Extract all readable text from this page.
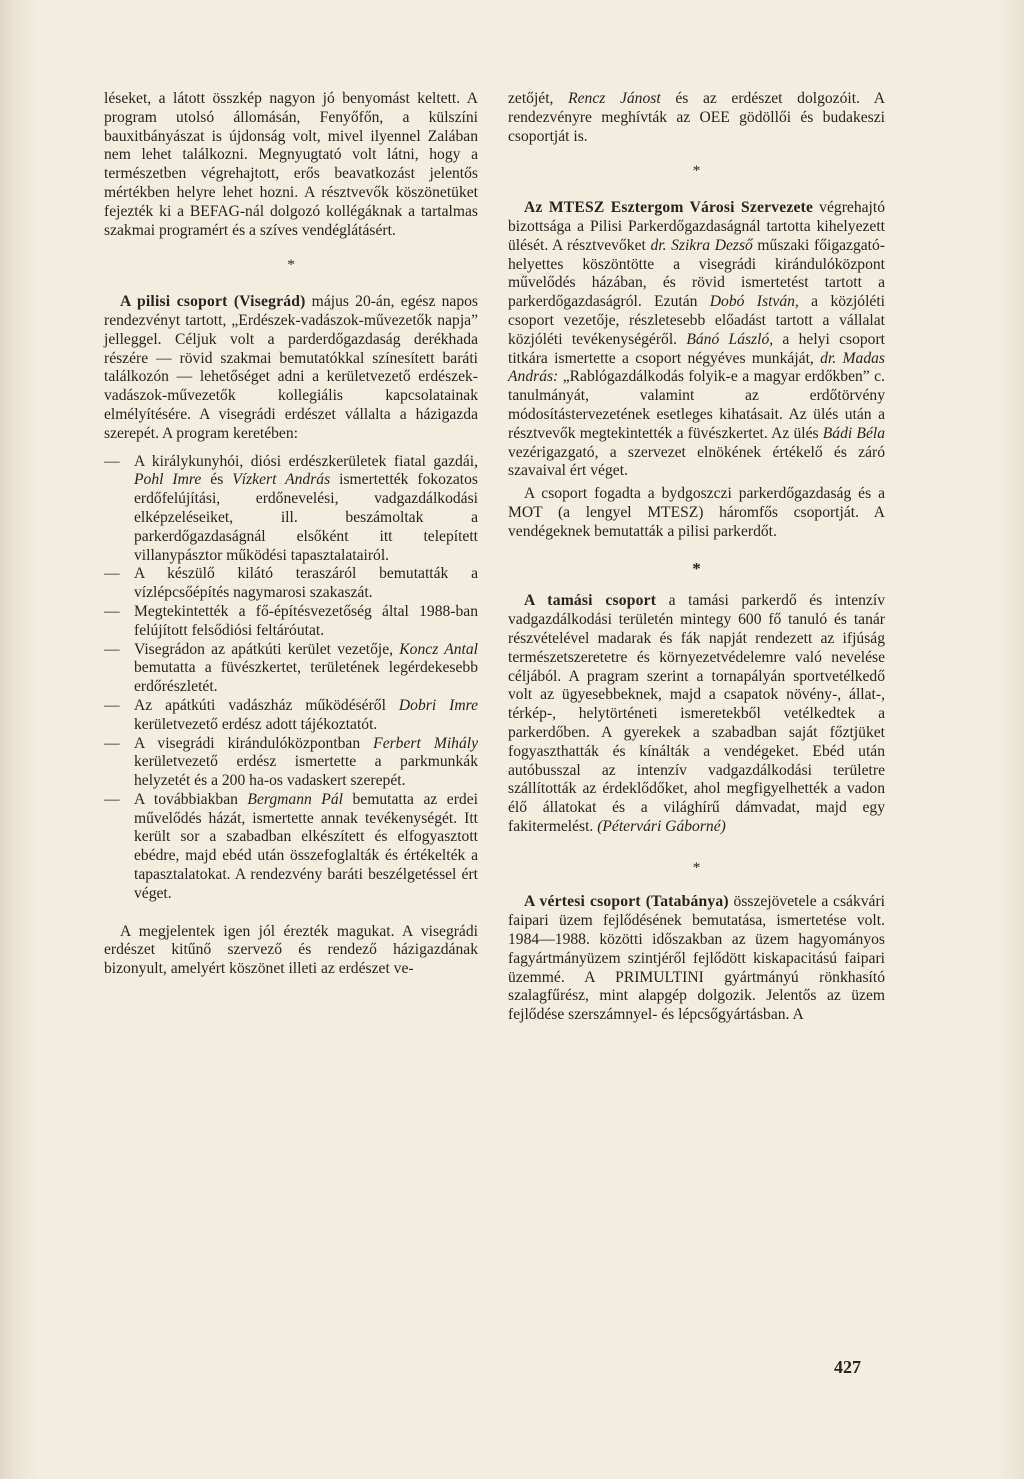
léseket, a látott összkép nagyon jó benyomást keltett. A program utolsó állomásán, Fenyőfőn, a külszíni bauxitbányászat is újdonság volt, mivel ilyennel Zalában nem lehet találkozni. Megnyugtató volt látni, hogy a természetben végrehajtott, erős beavatkozást jelentős mértékben helyre lehet hozni. A résztvevők köszönetüket fejezték ki a BEFAG-nál dolgozó kollégáknak a tartalmas szakmai programért és a szíves vendéglátásért.

*

A pilisi csoport (Visegrád) május 20-án, egész napos rendezvényt tartott, „Erdészek-vadászok-művezetők napja” jelleggel. Céljuk volt a parderdőgazdaság derékhada részére — rövid szakmai bemutatókkal színesített baráti találkozón — lehetőséget adni a kerületvezető erdészek-vadászok-művezetők kollegiális kapcsolatainak elmélyítésére. A visegrádi erdészet vállalta a házigazda szerepét. A program keretében:

— A királykunyhói, diósi erdészkerületek fiatal gazdái, Pohl Imre és Vízkert András ismertették fokozatos erdőfelújítási, erdőnevelési, vadgazdálkodási elképzeléseiket, ill. beszámoltak a parkerdőgazdaságnál elsőként itt telepített villanypásztor működési tapasztalatairól.
— A készülő kilátó teraszáról bemutatták a vízlépcsőépítés nagymarosi szakaszát.
— Megtekintették a fő-építésvezetőség által 1988-ban felújított felsődiósi feltáróutat.
— Visegrádon az apátkúti kerület vezetője, Koncz Antal bemutatta a füvészkertet, területének legérdekesebb erdőrészletét.
— Az apátkúti vadászház működéséről Dobri Imre kerületvezető erdész adott tájékoztatót.
— A visegrádi kirándulóközpontban Ferbert Mihály kerületvezető erdész ismertette a parkmunkák helyzetét és a 200 ha-os vadaskert szerepét.
— A továbbiakban Bergmann Pál bemutatta az erdei művelődés házát, ismertette annak tevékenységét. Itt került sor a szabadban elkészített és elfogyasztott ebédre, majd ebéd után összefoglalták és értékelték a tapasztalatokat. A rendezvény baráti beszélgetéssel ért véget.

A megjelentek igen jól érezték magukat. A visegrádi erdészet kitűnő szervező és rendező házigazdának bizonyult, amelyért köszönet illeti az erdészet ve-

zetőjét, Rencz Jánost és az erdészet dolgozóit. A rendezvényre meghívták az OEE gödöllői és budakeszi csoportját is.

*

Az MTESZ Esztergom Városi Szervezete végrehajtó bizottsága a Pilisi Parkerdőgazdaságnál tartotta kihelyezett ülését. A résztvevőket dr. Szikra Dezső műszaki főigazgató-helyettes köszöntötte a visegrádi kirándulóközpont művelődés házában, és rövid ismertetést tartott a parkerdőgazdaságról. Ezután Dobó István, a közjóléti csoport vezetője, részletesebb előadást tartott a vállalat közjóléti tevékenységéről. Bánó László, a helyi csoport titkára ismertette a csoport négyéves munkáját, dr. Madas András: „Rablógazdálkodás folyik-e a magyar erdőkben” c. tanulmányát, valamint az erdőtörvény módosítástervezetének esetleges kihatásait. Az ülés után a résztvevők megtekintették a füvészkertet. Az ülés Bádi Béla vezérigazgató, a szervezet elnökének értékelő és záró szavaival ért véget.

A csoport fogadta a bydgoszczi parkerdőgazdaság és a MOT (a lengyel MTESZ) háromfős csoportját. A vendégeknek bemutatták a pilisi parkerdőt.

*

A tamási csoport a tamási parkerdő és intenzív vadgazdálkodási területén mintegy 600 fő tanuló és tanár részvételével madarak és fák napját rendezett az ifjúság természetszeretetre és környezetvédelemre való nevelése céljából. A pragram szerint a tornapályán sportvetélkedő volt az ügyesebbeknek, majd a csapatok növény-, állat-, térkép-, helytörténeti ismeretekből vetélkedtek a parkerdőben. A gyerekek a szabadban saját főztjüket fogyaszthatták és kínálták a vendégeket. Ebéd után autóbusszal az intenzív vadgazdálkodási területre szállították az érdeklődőket, ahol megfigyelhették a vadon élő állatokat és a világhírű dámvadat, majd egy fakitermelést. (Pétervári Gáborné)

*

A vértesi csoport (Tatabánya) összejövetele a csákvári faipari üzem fejlődésének bemutatása, ismertetése volt. 1984—1988. közötti időszakban az üzem hagyományos fagyártmányüzem szintjéről fejlődött kiskapacitású faipari üzemmé. A PRIMULTINI gyártmányú rönkhasító szalagfűrész, mint alapgép dolgozik. Jelentős az üzem fejlődése szerszámnyel- és lépcsőgyártásban. A

427
